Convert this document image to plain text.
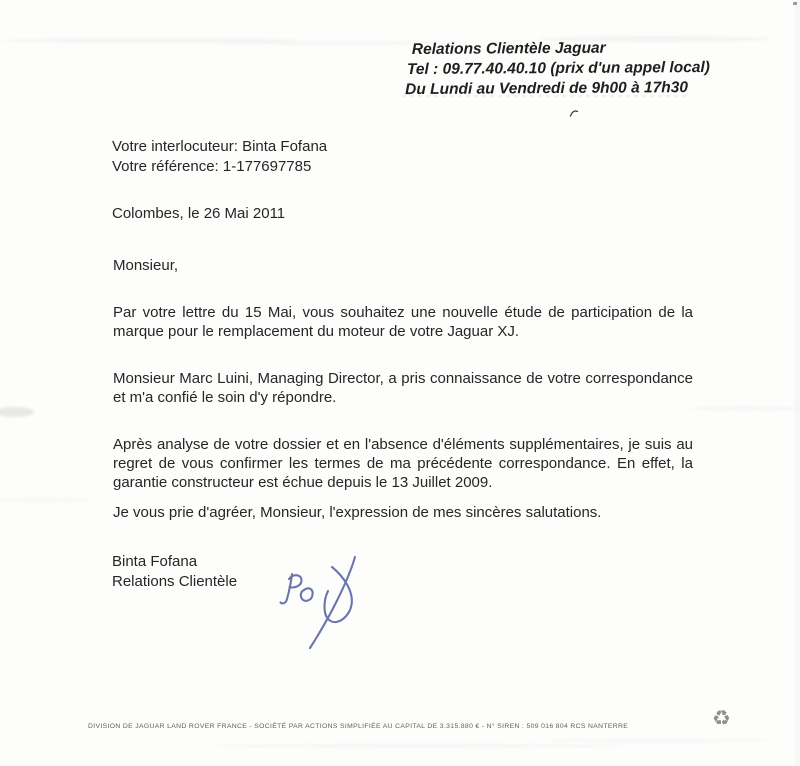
Relations Clientèle Jaguar
Tel : 09.77.40.40.10 (prix d'un appel local)
Du Lundi au Vendredi de 9h00 à 17h30
Votre interlocuteur: Binta Fofana
Votre référence: 1-177697785
Colombes, le 26 Mai 2011

Monsieur,

Par votre lettre du 15 Mai, vous souhaitez une nouvelle étude de participation de la marque pour le remplacement du moteur de votre Jaguar XJ.

Monsieur Marc Luini, Managing Director, a pris connaissance de votre correspondance et m'a confié le soin d'y répondre.

Après analyse de votre dossier et en l'absence d'éléments supplémentaires, je suis au regret de vous confirmer les termes de ma précédente correspondance. En effet, la garantie constructeur est échue depuis le 13 Juillet 2009.

Je vous prie d'agréer, Monsieur, l'expression de mes sincères salutations.

Binta Fofana
Relations Clientèle
DIVISION DE JAGUAR LAND ROVER FRANCE - SOCIÉTÉ PAR ACTIONS SIMPLIFIÉE AU CAPITAL DE 3.315.880 € - N° SIREN : 509 016 804 RCS NANTERRE	♻
